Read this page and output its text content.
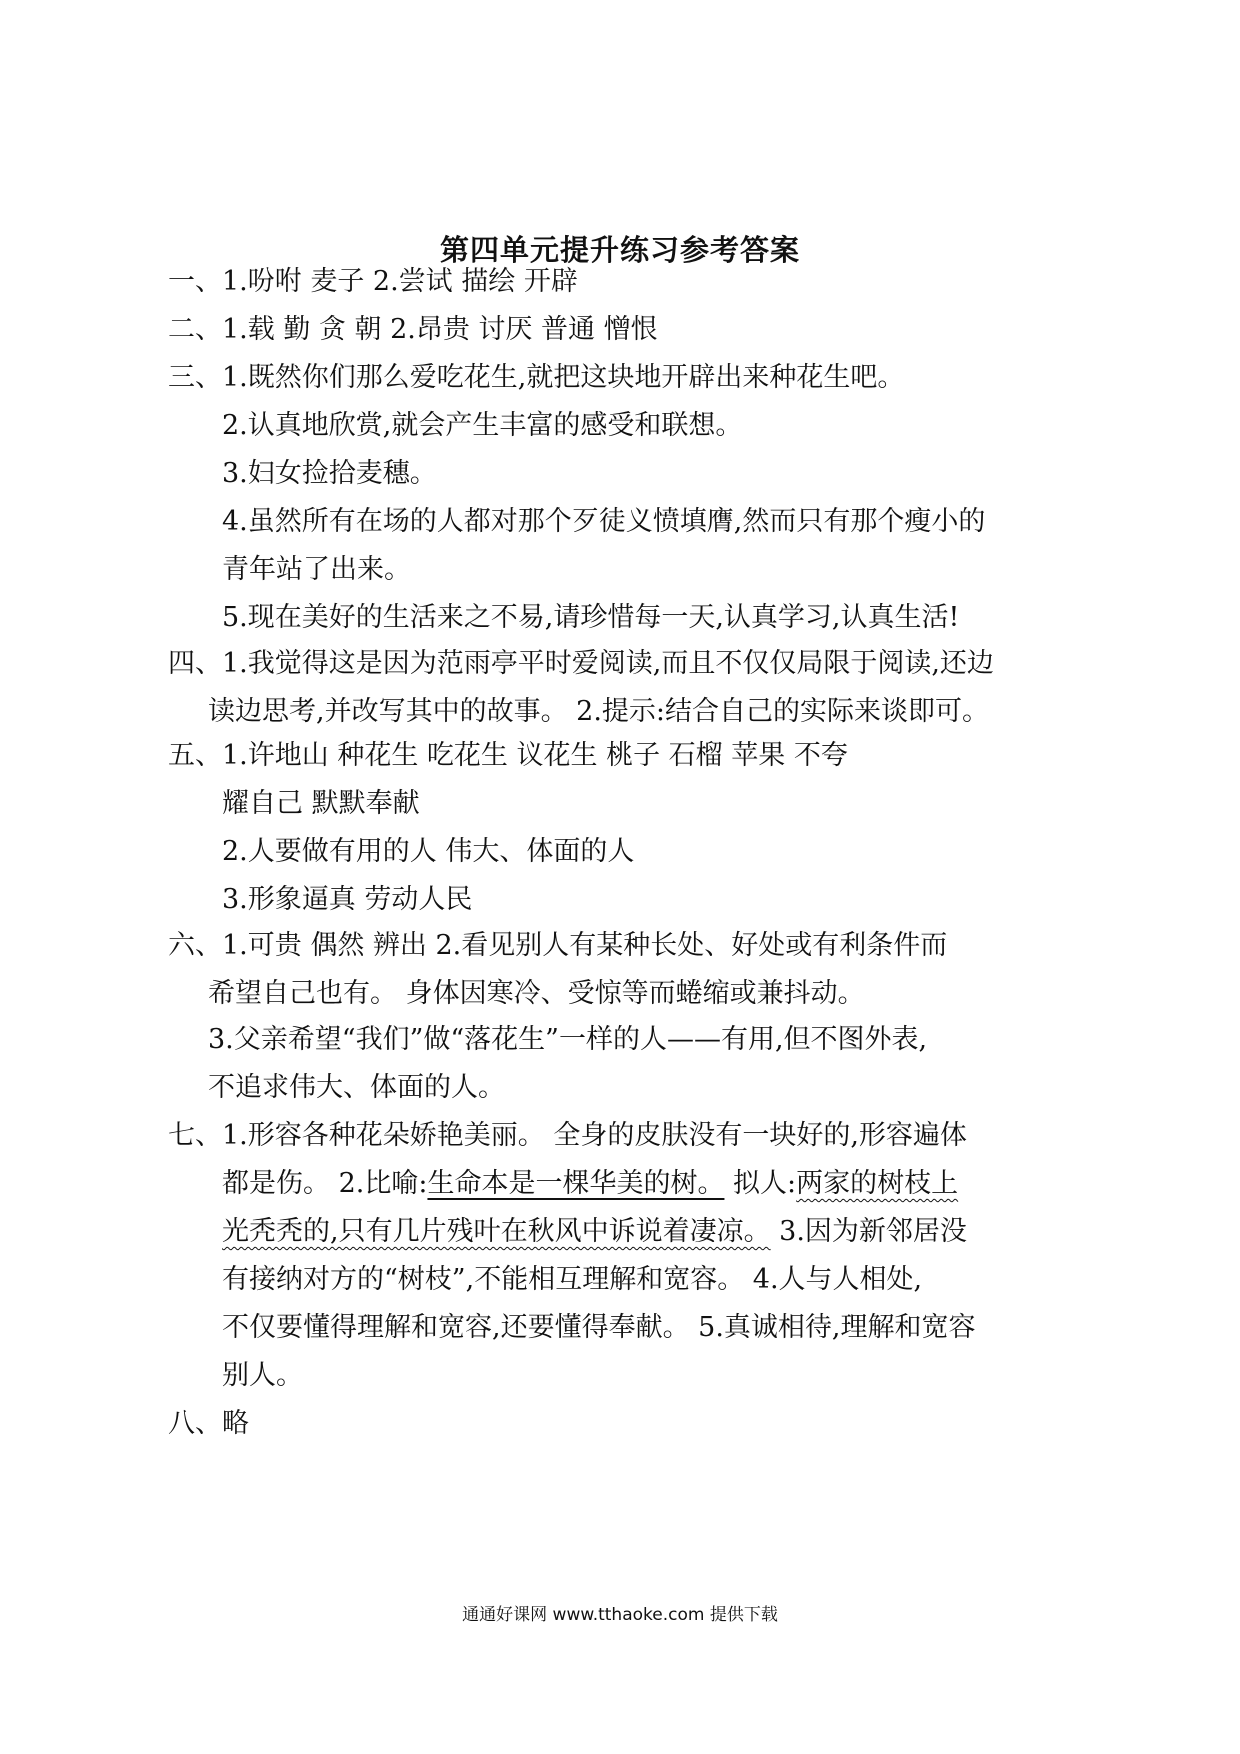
第四单元提升练习参考答案
一、1.吩咐 麦子 2.尝试 描绘 开辟
二、1.载 勤 贪 朝 2.昂贵 讨厌 普通 憎恨
三、1.既然你们那么爱吃花生,就把这块地开辟出来种花生吧。
2.认真地欣赏,就会产生丰富的感受和联想。
3.妇女捡拾麦穗。
4.虽然所有在场的人都对那个歹徒义愤填膺,然而只有那个瘦小的
青年站了出来。
5.现在美好的生活来之不易,请珍惜每一天,认真学习,认真生活!
四、1.我觉得这是因为范雨亭平时爱阅读,而且不仅仅局限于阅读,还边
读边思考,并改写其中的故事。 2.提示:结合自己的实际来谈即可。
五、1.许地山 种花生 吃花生 议花生 桃子 石榴 苹果 不夸
耀自己 默默奉献
2.人要做有用的人 伟大、体面的人
3.形象逼真 劳动人民
六、1.可贵 偶然 辨出 2.看见别人有某种长处、好处或有利条件而
希望自己也有。 身体因寒冷、受惊等而蜷缩或兼抖动。
3.父亲希望“我们”做“落花生”一样的人——有用,但不图外表,
不追求伟大、体面的人。
七、1.形容各种花朵娇艳美丽。 全身的皮肤没有一块好的,形容遍体
都是伤。 2.比喻:生命本是一棵华美的树。 拟人:两家的树枝上
光秃秃的,只有几片残叶在秋风中诉说着凄凉。 3.因为新邻居没
有接纳对方的“树枝”,不能相互理解和宽容。 4.人与人相处,
不仅要懂得理解和宽容,还要懂得奉献。 5.真诚相待,理解和宽容
别人。
八、略
通通好课网 www.tthaoke.com 提供下载
